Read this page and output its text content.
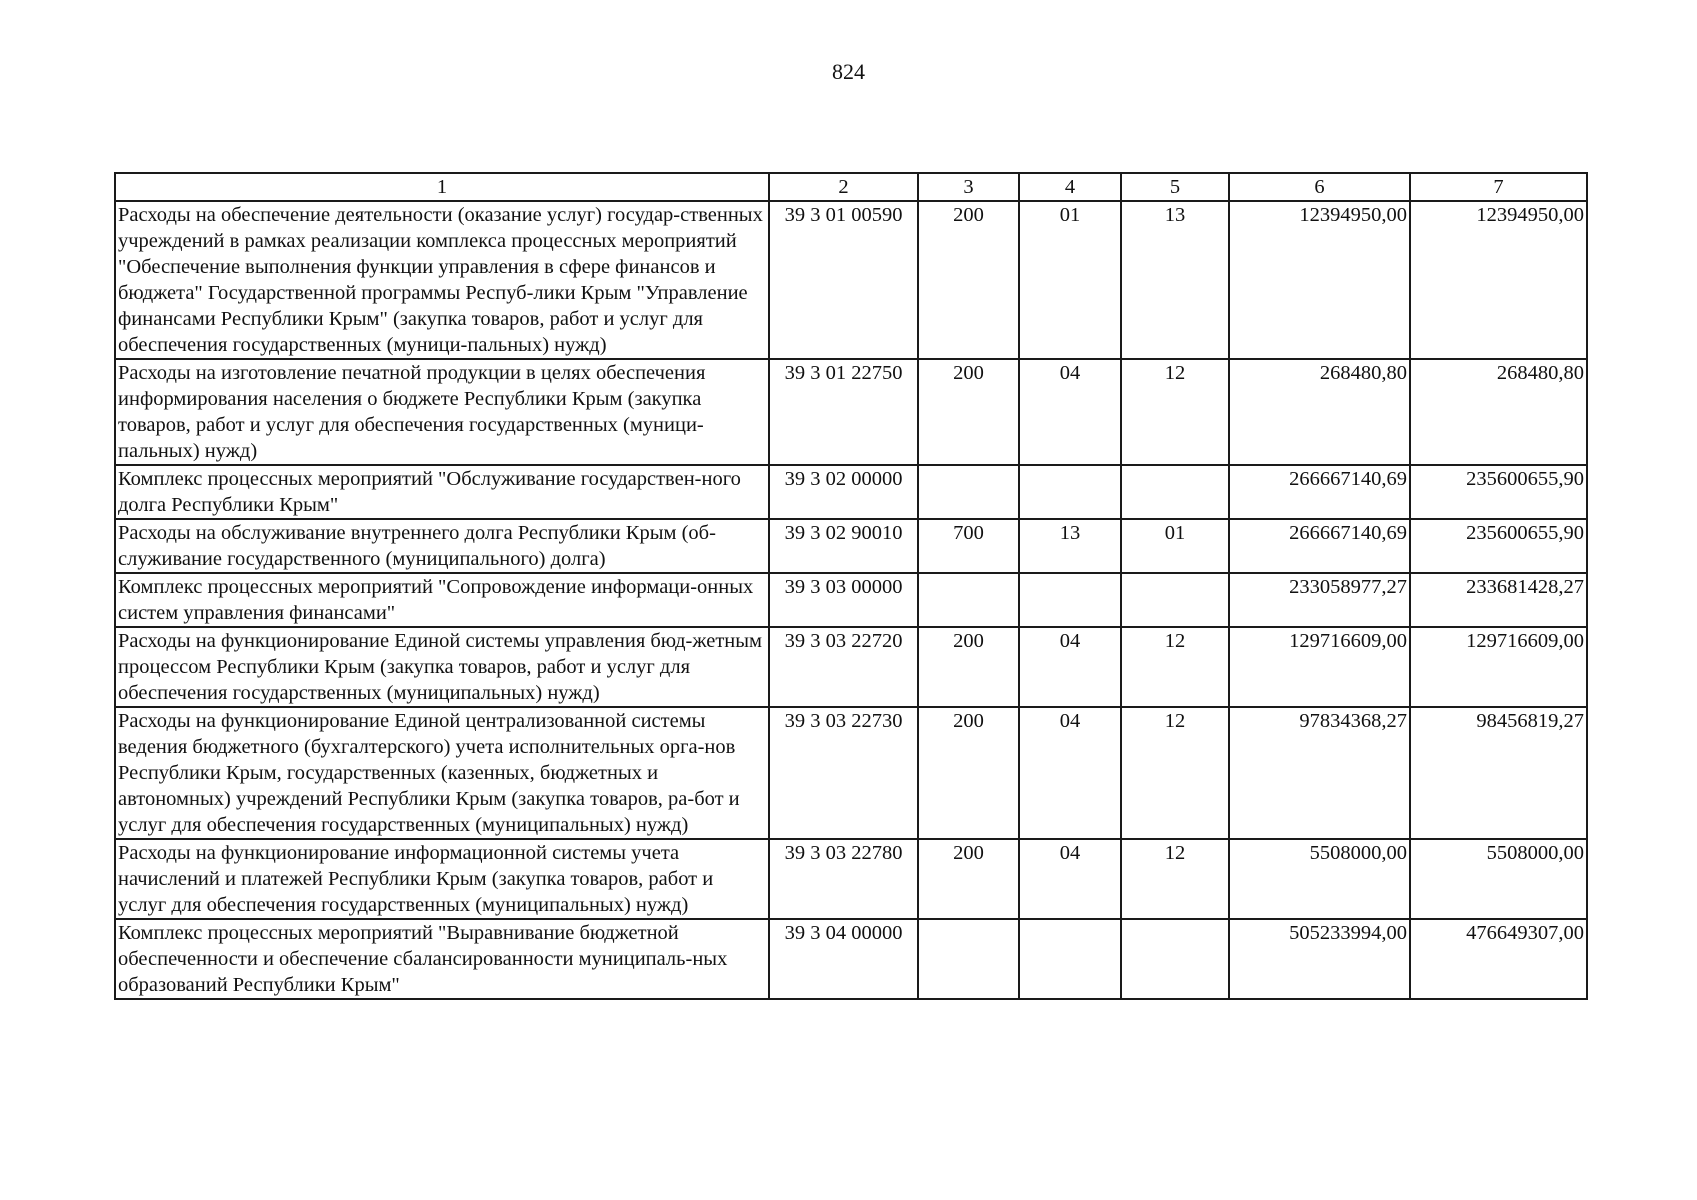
824
1	2	3	4	5	6	7
Расходы на обеспечение деятельности (оказание услуг) государ-ственных учреждений в рамках реализации комплекса процессных мероприятий "Обеспечение выполнения функции управления в сфере финансов и бюджета" Государственной программы Респуб-лики Крым "Управление финансами Республики Крым" (закупка товаров, работ и услуг для обеспечения государственных (муници-пальных) нужд)	39 3 01 00590	200	01	13	12394950,00	12394950,00
Расходы на изготовление печатной продукции в целях обеспечения информирования населения о бюджете Республики Крым (закупка товаров, работ и услуг для обеспечения государственных (муници-пальных) нужд)	39 3 01 22750	200	04	12	268480,80	268480,80
Комплекс процессных мероприятий "Обслуживание государствен-ного долга Республики Крым"	39 3 02 00000				266667140,69	235600655,90
Расходы на обслуживание внутреннего долга Республики Крым (об-служивание государственного (муниципального) долга)	39 3 02 90010	700	13	01	266667140,69	235600655,90
Комплекс процессных мероприятий "Сопровождение информаци-онных систем управления финансами"	39 3 03 00000				233058977,27	233681428,27
Расходы на функционирование Единой системы управления бюд-жетным процессом Республики Крым (закупка товаров, работ и услуг для обеспечения государственных (муниципальных) нужд)	39 3 03 22720	200	04	12	129716609,00	129716609,00
Расходы на функционирование Единой централизованной системы ведения бюджетного (бухгалтерского) учета исполнительных орга-нов Республики Крым, государственных (казенных, бюджетных и автономных) учреждений Республики Крым (закупка товаров, ра-бот и услуг для обеспечения государственных (муниципальных) нужд)	39 3 03 22730	200	04	12	97834368,27	98456819,27
Расходы на функционирование информационной системы учета начислений и платежей Республики Крым (закупка товаров, работ и услуг для обеспечения государственных (муниципальных) нужд)	39 3 03 22780	200	04	12	5508000,00	5508000,00
Комплекс процессных мероприятий "Выравнивание бюджетной обеспеченности и обеспечение сбалансированности муниципаль-ных образований Республики Крым"	39 3 04 00000				505233994,00	476649307,00
